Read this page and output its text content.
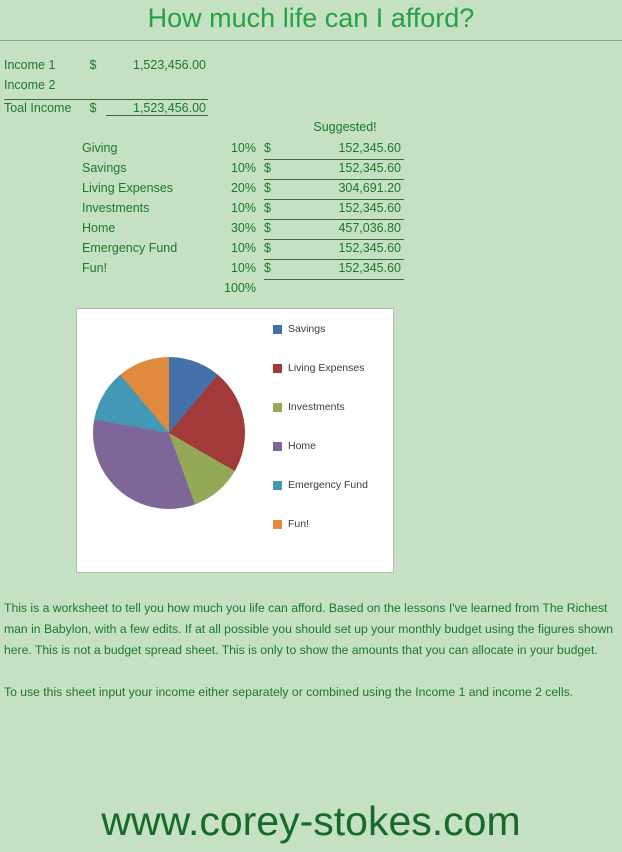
How much life can I afford?
Income 1	$	1,523,456.00
Income 2
Toal Income	$	1,523,456.00
Suggested!
Giving	10% $	152,345.60
Savings	10% $	152,345.60
Living Expenses	20% $	304,691.20
Investments	10% $	152,345.60
Home	30% $	457,036.80
Emergency Fund	10% $	152,345.60
Fun!	10% $	152,345.60
100%
Savings
Living Expenses
Investments
Home
Emergency Fund
Fun!

This is a worksheet to tell you how much you life can afford. Based on the lessons I've learned from The Richest man in Babylon, with a few edits. If at all possible you should set up your monthly budget using the figures shown here. This is not a budget spread sheet. This is only to show the amounts that you can allocate in your budget.

To use this sheet input your income either separately or combined using the Income 1 and income 2 cells.

www.corey-stokes.com
